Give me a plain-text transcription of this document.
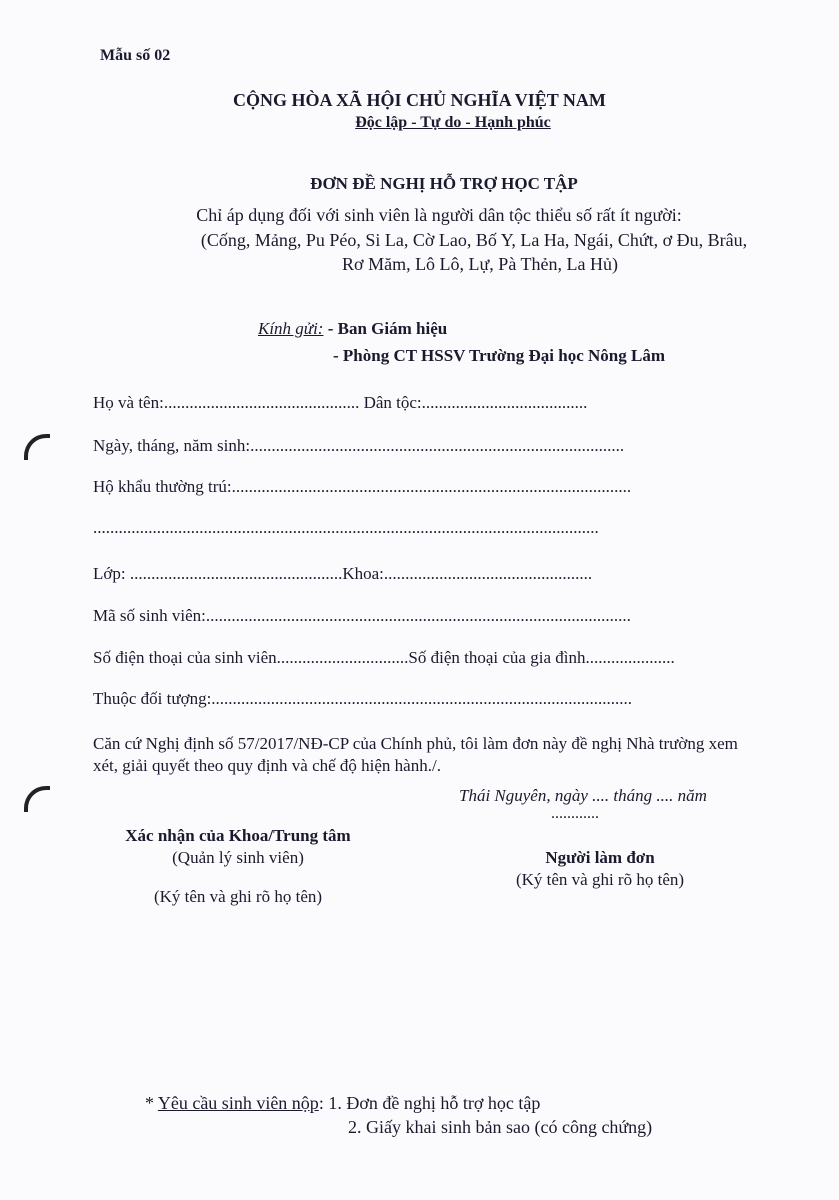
Mẫu số 02
CỘNG HÒA XÃ HỘI CHỦ NGHĨA VIỆT NAM
Độc lập - Tự do - Hạnh phúc
ĐƠN ĐỀ NGHỊ HỖ TRỢ HỌC TẬP
Chỉ áp dụng đối với sinh viên là người dân tộc thiểu số rất ít người:
(Cống, Mảng, Pu Péo, Si La, Cờ Lao, Bố Y, La Ha, Ngái, Chứt, ơ Đu, Brâu,
Rơ Măm, Lô Lô, Lự, Pà Thẻn, La Hủ)
Kính gửi: - Ban Giám hiệu
- Phòng CT HSSV Trường Đại học Nông Lâm
Họ và tên:.............................................. Dân tộc:.......................................
Ngày, tháng, năm sinh:........................................................................................
Hộ khẩu thường trú:..............................................................................................
.......................................................................................................................
Lớp: ..................................................Khoa:.................................................
Mã số sinh viên:....................................................................................................
Số điện thoại của sinh viên...............................Số điện thoại của gia đình.....................
Thuộc đối tượng:...................................................................................................
Căn cứ Nghị định số 57/2017/NĐ-CP của Chính phủ, tôi làm đơn này đề nghị Nhà trường xem
xét, giải quyết theo quy định và chế độ hiện hành./.
Thái Nguyên, ngày .... tháng .... năm
............
Xác nhận của Khoa/Trung tâm
(Quản lý sinh viên)
(Ký tên và ghi rõ họ tên)
Người làm đơn
(Ký tên và ghi rõ họ tên)
* Yêu cầu sinh viên nộp: 1. Đơn đề nghị hỗ trợ học tập
2. Giấy khai sinh bản sao (có công chứng)
